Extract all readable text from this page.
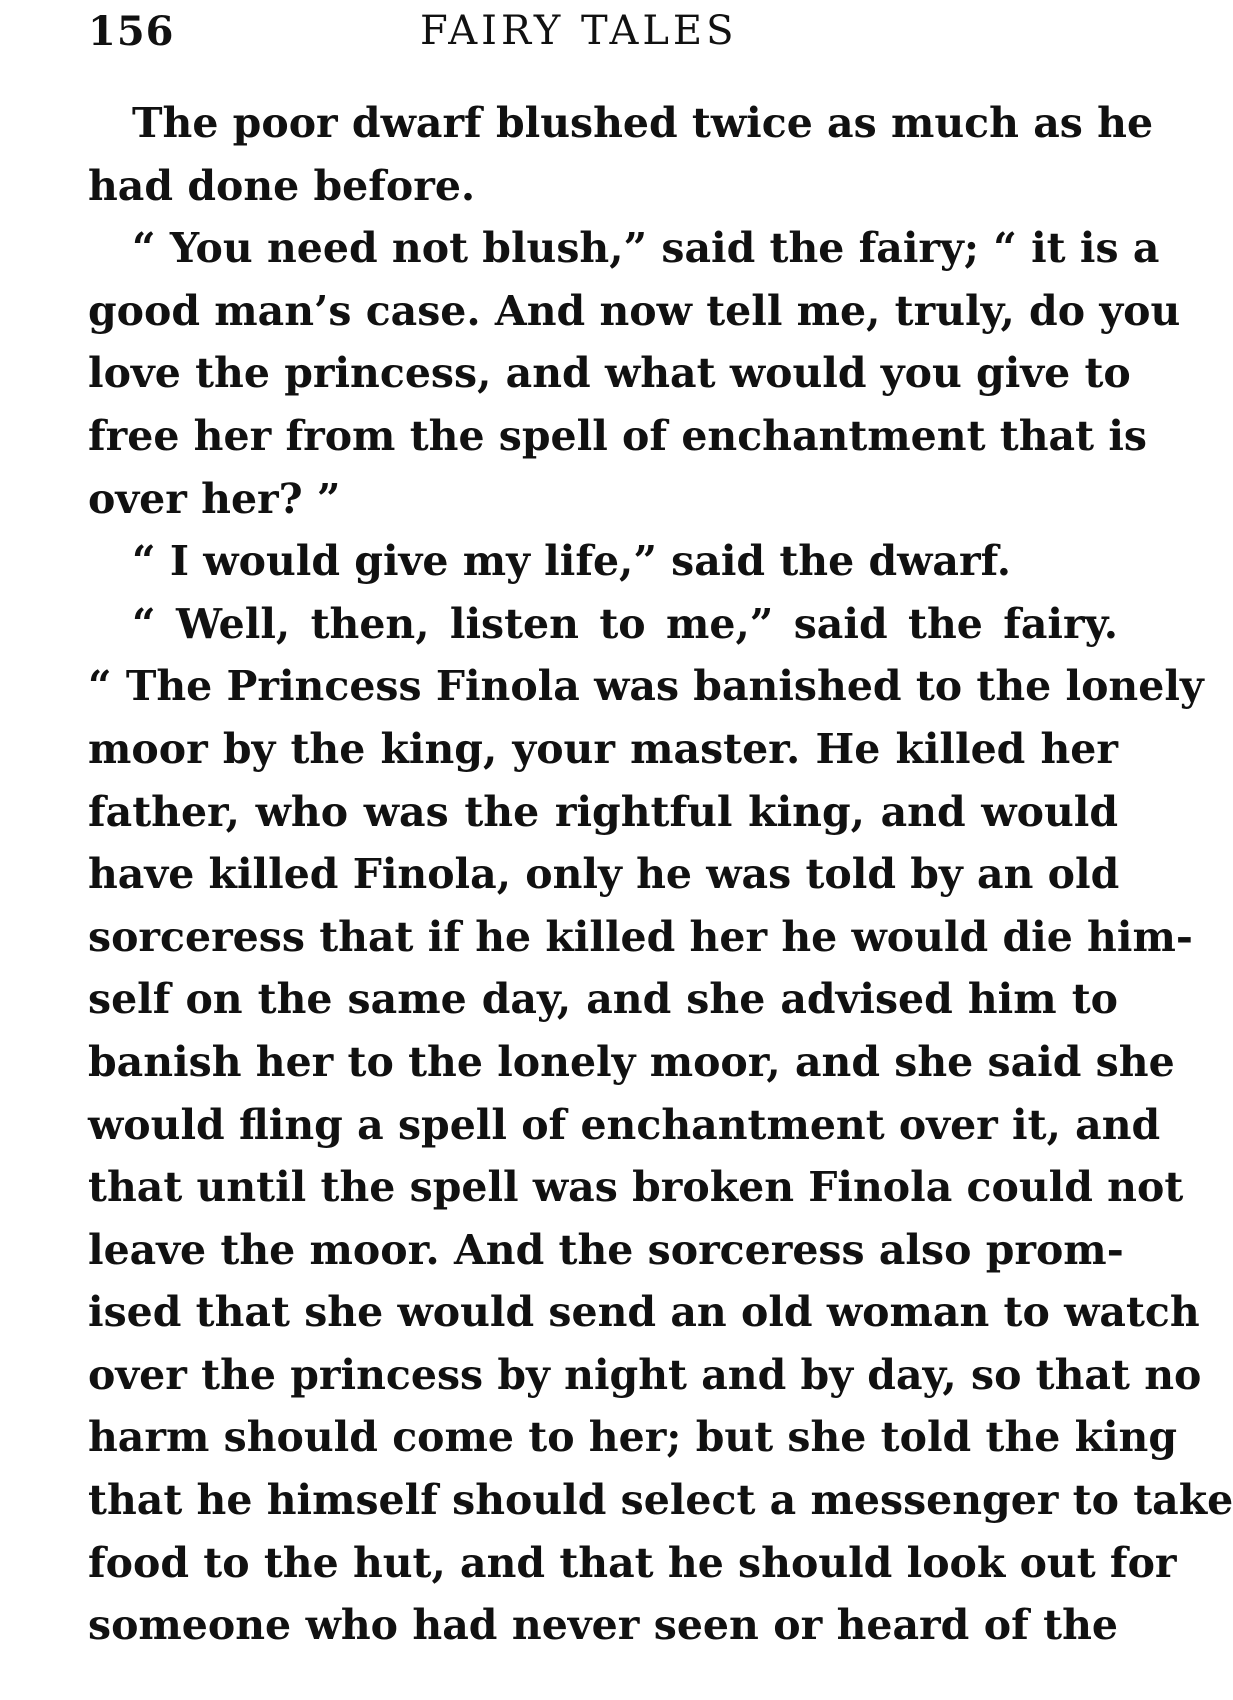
156	FAIRY TALES
The poor dwarf blushed twice as much as he
had done before.
“ You need not blush,” said the fairy; “ it is a
good man’s case. And now tell me, truly, do you
love the princess, and what would you give to
free her from the spell of enchantment that is
over her? ”
“ I would give my life,” said the dwarf.
“ Well, then, listen to me,” said the fairy.
“ The Princess Finola was banished to the lonely
moor by the king, your master. He killed her
father, who was the rightful king, and would
have killed Finola, only he was told by an old
sorceress that if he killed her he would die him-
self on the same day, and she advised him to
banish her to the lonely moor, and she said she
would fling a spell of enchantment over it, and
that until the spell was broken Finola could not
leave the moor. And the sorceress also prom-
ised that she would send an old woman to watch
over the princess by night and by day, so that no
harm should come to her; but she told the king
that he himself should select a messenger to take
food to the hut, and that he should look out for
someone who had never seen or heard of the
